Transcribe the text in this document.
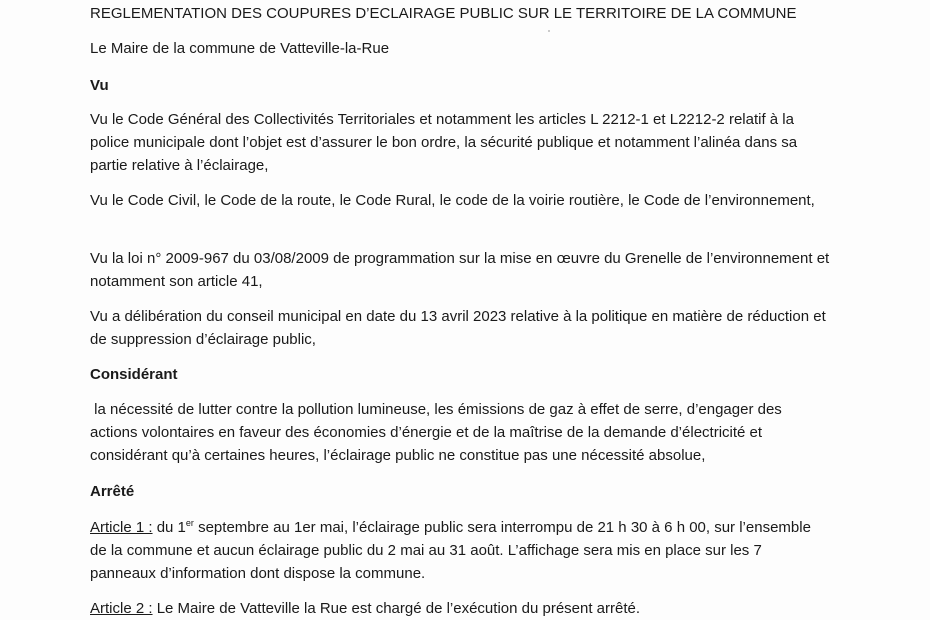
REGLEMENTATION DES COUPURES D’ECLAIRAGE PUBLIC SUR LE TERRITOIRE DE LA COMMUNE

Le Maire de la commune de Vatteville-la-Rue

Vu

Vu le Code Général des Collectivités Territoriales et notamment les articles L 2212-1 et L2212-2 relatif à la police municipale dont l’objet est d’assurer le bon ordre, la sécurité publique et notamment l’alinéa dans sa partie relative à l’éclairage,

Vu le Code Civil, le Code de la route, le Code Rural, le code de la voirie routière, le Code de l’environnement,

Vu la loi n° 2009-967 du 03/08/2009 de programmation sur la mise en œuvre du Grenelle de l’environnement et notamment son article 41,

Vu a délibération du conseil municipal en date du 13 avril 2023 relative à la politique en matière de réduction et de suppression d’éclairage public,

Considérant

la nécessité de lutter contre la pollution lumineuse, les émissions de gaz à effet de serre, d’engager des actions volontaires en faveur des économies d’énergie et de la maîtrise de la demande d’électricité et considérant qu’à certaines heures, l’éclairage public ne constitue pas une nécessité absolue,

Arrêté

Article 1 : du 1er septembre au 1er mai, l’éclairage public sera interrompu de 21 h 30 à 6 h 00, sur l’ensemble de la commune et aucun éclairage public du 2 mai au 31 août. L’affichage sera mis en place sur les 7 panneaux d’information dont dispose la commune.

Article 2 : Le Maire de Vatteville la Rue est chargé de l’exécution du présent arrêté.
